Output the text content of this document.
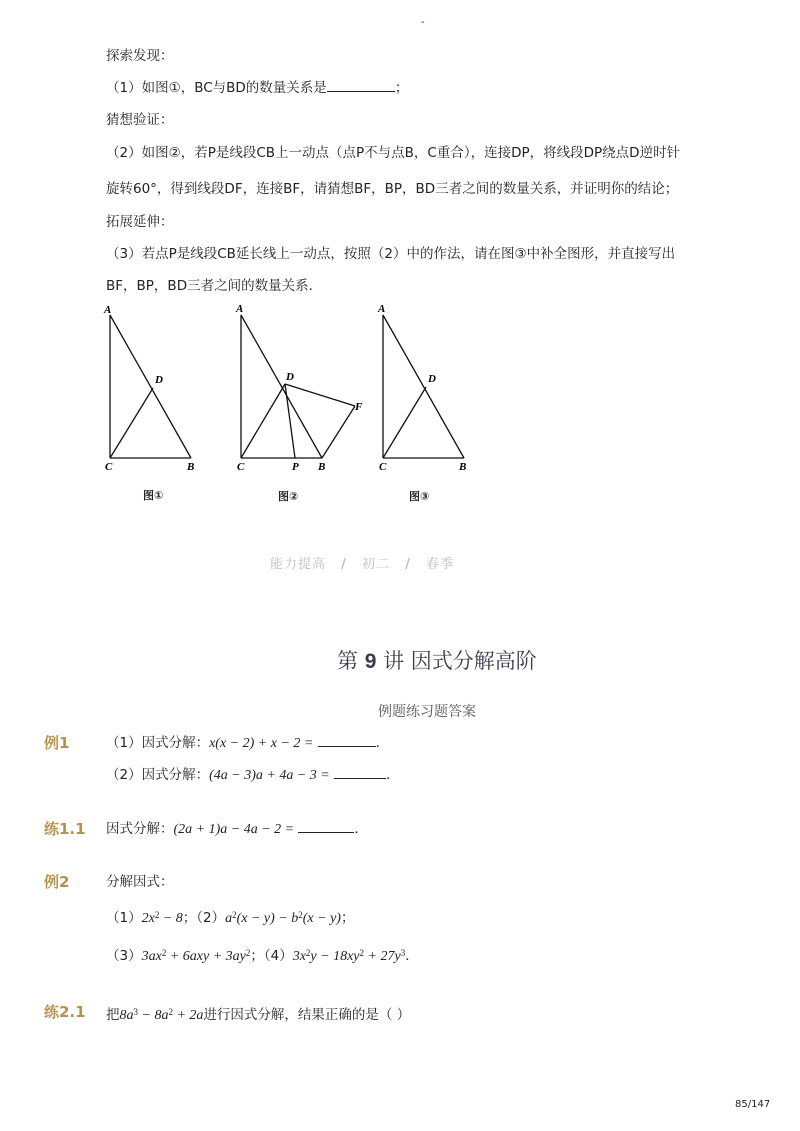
-
探索发现：
（1）如图①，BC与BD的数量关系是	；
猜想验证：
（2）如图②，若P是线段CB上一动点（点P不与点B，C重合），连接DP，将线段DP绕点D逆时针
旋转60°，得到线段DF，连接BF，请猜想BF，BP，BD三者之间的数量关系，并证明你的结论；
拓展延伸：
（3）若点P是线段CB延长线上一动点，按照（2）中的作法，请在图③中补全图形，并直接写出
BF，BP，BD三者之间的数量关系．
A
D
C	B
A
D
F
C	P B
A
D
C	B
图①	图②	图③
能力提高 / 初二 / 春季
第 9 讲 因式分解高阶
例题练习题答案
例1	（1）因式分解：x(x − 2) + x − 2 =	．
（2）因式分解：(4a − 3)a + 4a − 3 =	．
练1.1 因式分解：(2a + 1)a − 4a − 2 =	．
例2	分解因式：
$(1)2x^2 - 8$；$(2)a^2(x - y) - b^2(x - y)$；
$(3)3ax^2 + 6axy + 3ay^2$；$(4)3x^2y - 18xy^2 + 27y^3$．
练2.1 把$8a^3 - 8a^2 + 2a$进行因式分解，结果正确的是（ ）
85/147
